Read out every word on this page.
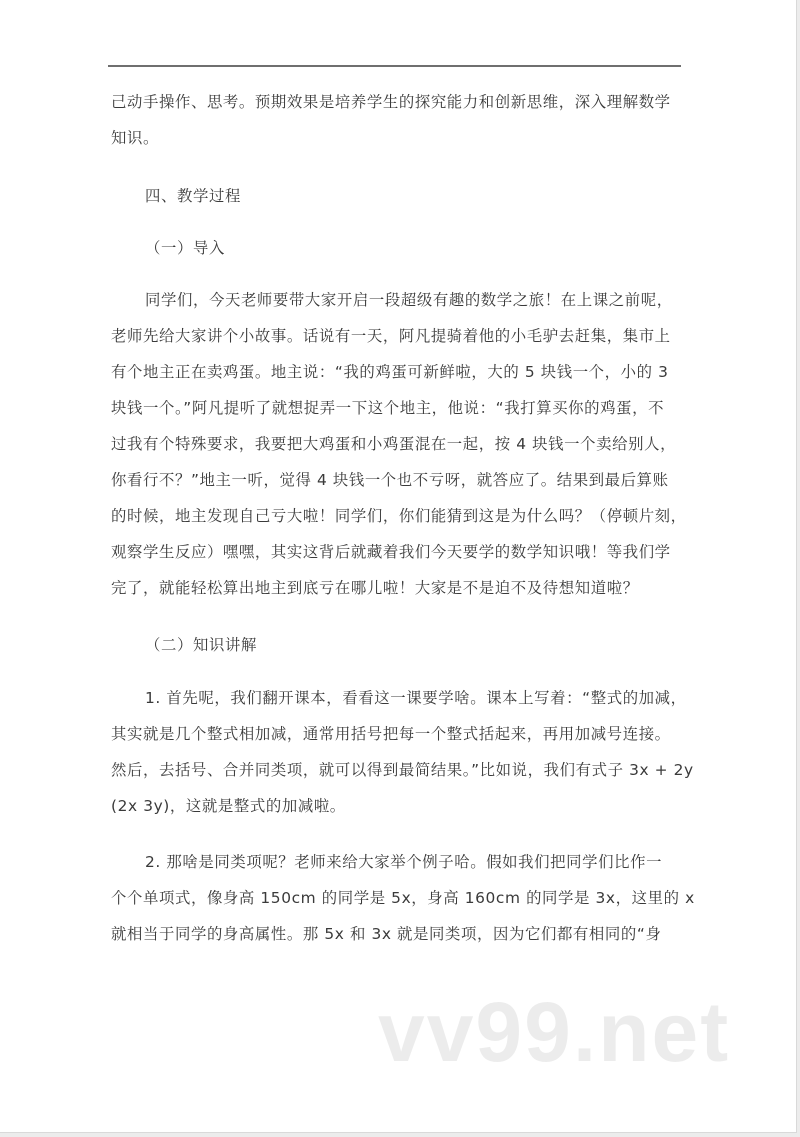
己动手操作、思考。预期效果是培养学生的探究能力和创新思维，深入理解数学
知识。
四、教学过程
（一）导入
同学们，今天老师要带大家开启一段超级有趣的数学之旅！在上课之前呢，
老师先给大家讲个小故事。话说有一天，阿凡提骑着他的小毛驴去赶集，集市上
有个地主正在卖鸡蛋。地主说：“我的鸡蛋可新鲜啦，大的 5 块钱一个，小的 3
块钱一个。”阿凡提听了就想捉弄一下这个地主，他说：“我打算买你的鸡蛋，不
过我有个特殊要求，我要把大鸡蛋和小鸡蛋混在一起，按 4 块钱一个卖给别人，
你看行不？”地主一听，觉得 4 块钱一个也不亏呀，就答应了。结果到最后算账
的时候，地主发现自己亏大啦！同学们，你们能猜到这是为什么吗？（停顿片刻，
观察学生反应）嘿嘿，其实这背后就藏着我们今天要学的数学知识哦！等我们学
完了，就能轻松算出地主到底亏在哪儿啦！大家是不是迫不及待想知道啦？
（二）知识讲解
1. 首先呢，我们翻开课本，看看这一课要学啥。课本上写着：“整式的加减，
其实就是几个整式相加减，通常用括号把每一个整式括起来，再用加减号连接。
然后，去括号、合并同类项，就可以得到最简结果。”比如说，我们有式子 3x + 2y
(2x 3y)，这就是整式的加减啦。
2. 那啥是同类项呢？老师来给大家举个例子哈。假如我们把同学们比作一
个个单项式，像身高 150cm 的同学是 5x，身高 160cm 的同学是 3x，这里的 x
就相当于同学的身高属性。那 5x 和 3x 就是同类项，因为它们都有相同的“身
vv99.net
